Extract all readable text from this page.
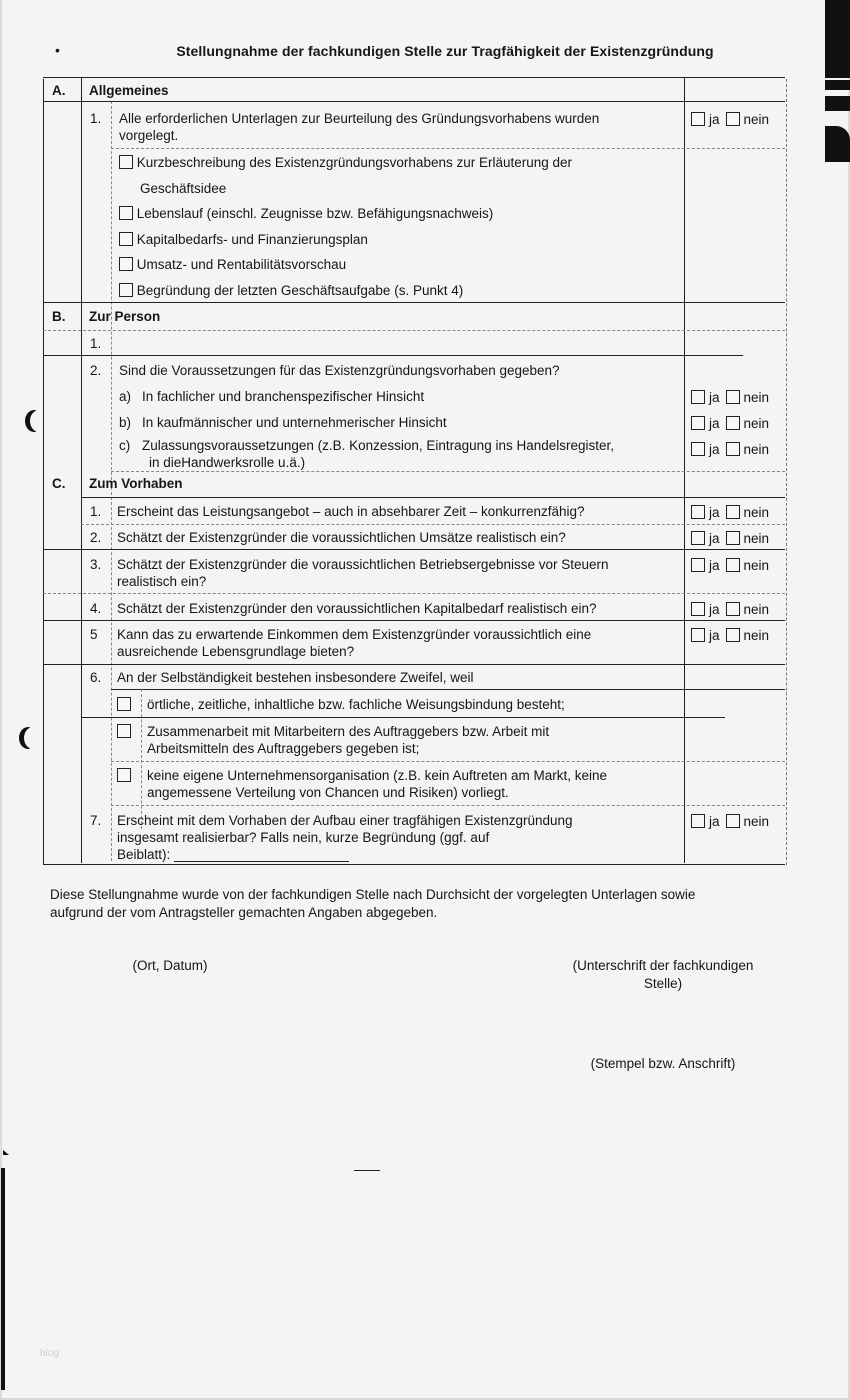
•	Stellungnahme der fachkundigen Stelle zur Tragfähigkeit der Existenzgründung
A. Allgemeines
1. Alle erforderlichen Unterlagen zur Beurteilung des Gründungsvorhabens wurden
vorgelegt.
ja nein
Kurzbeschreibung des Existenzgründungsvorhabens zur Erläuterung der
Geschäftsidee
Lebenslauf (einschl. Zeugnisse bzw. Befähigungsnachweis)
Kapitalbedarfs- und Finanzierungsplan
Umsatz- und Rentabilitätsvorschau
Begründung der letzten Geschäftsaufgabe (s. Punkt 4)
B. Zur Person
1.
2. Sind die Voraussetzungen für das Existenzgründungsvorhaben gegeben?
a) In fachlicher und branchenspezifischer Hinsicht	ja nein
b) In kaufmännischer und unternehmerischer Hinsicht	ja nein
c) Zulassungsvoraussetzungen (z.B. Konzession, Eintragung ins Handelsregister,
in dieHandwerksrolle u.ä.)
ja nein
C. Zum Vorhaben
1. Erscheint das Leistungsangebot – auch in absehbarer Zeit – konkurrenzfähig?	ja nein
2. Schätzt der Existenzgründer die voraussichtlichen Umsätze realistisch ein?	ja nein
3. Schätzt der Existenzgründer die voraussichtlichen Betriebsergebnisse vor Steuern
realistisch ein?
ja nein
4. Schätzt der Existenzgründer den voraussichtlichen Kapitalbedarf realistisch ein?	ja nein
5 Kann das zu erwartende Einkommen dem Existenzgründer voraussichtlich eine
ausreichende Lebensgrundlage bieten?
ja nein
6. An der Selbständigkeit bestehen insbesondere Zweifel, weil
örtliche, zeitliche, inhaltliche bzw. fachliche Weisungsbindung besteht;
Zusammenarbeit mit Mitarbeitern des Auftraggebers bzw. Arbeit mit
Arbeitsmitteln des Auftraggebers gegeben ist;
keine eigene Unternehmensorganisation (z.B. kein Auftreten am Markt, keine
angemessene Verteilung von Chancen und Risiken) vorliegt.
7. Erscheint mit dem Vorhaben der Aufbau einer tragfähigen Existenzgründung
insgesamt realisierbar? Falls nein, kurze Begründung (ggf. auf
Beiblatt):
ja nein
Diese Stellungnahme wurde von der fachkundigen Stelle nach Durchsicht der vorgelegten Unterlagen sowie
aufgrund der vom Antragsteller gemachten Angaben abgegeben.
(Ort, Datum)	(Unterschrift der fachkundigen
Stelle)
(Stempel bzw. Anschrift)
blog
